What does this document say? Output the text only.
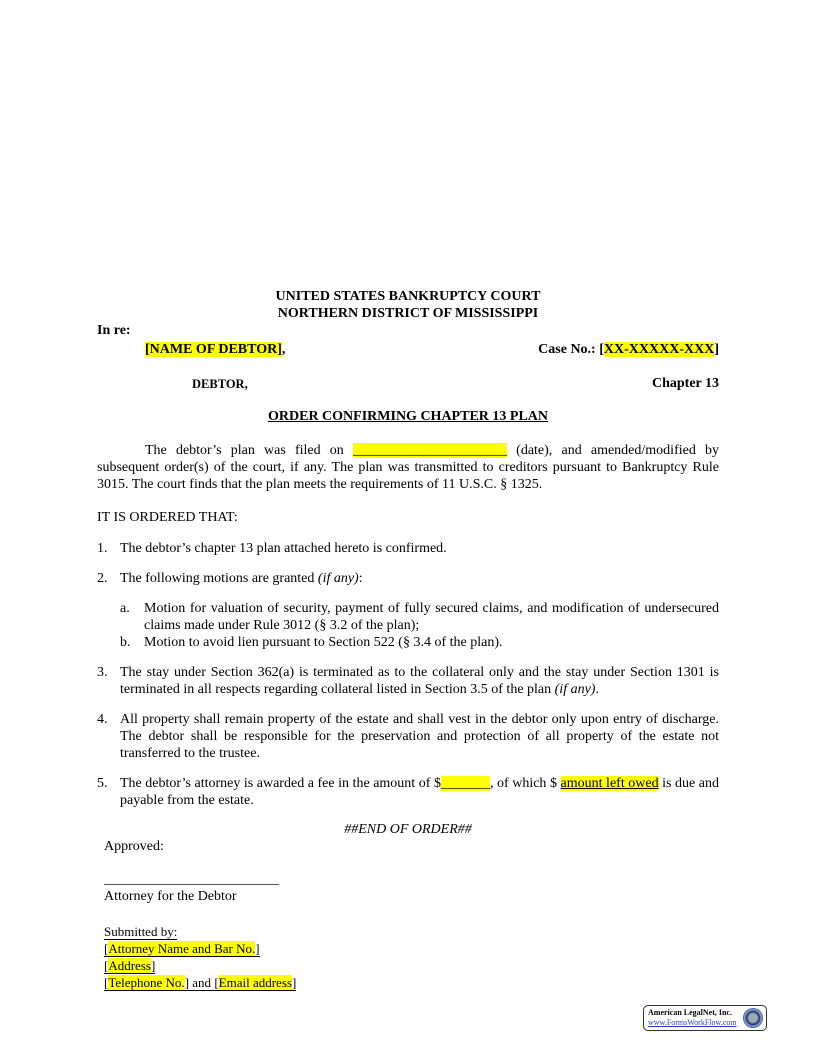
UNITED STATES BANKRUPTCY COURT
NORTHERN DISTRICT OF MISSISSIPPI
In re:
[NAME OF DEBTOR],	Case No.: [XX-XXXXX-XXX]
DEBTOR,	Chapter 13
ORDER CONFIRMING CHAPTER 13 PLAN
The debtor’s plan was filed on ______________________ (date), and amended/modified by subsequent order(s) of the court, if any. The plan was transmitted to creditors pursuant to Bankruptcy Rule 3015. The court finds that the plan meets the requirements of 11 U.S.C. § 1325.
IT IS ORDERED THAT:
1. The debtor’s chapter 13 plan attached hereto is confirmed.
2. The following motions are granted (if any):
a. Motion for valuation of security, payment of fully secured claims, and modification of undersecured claims made under Rule 3012 (§ 3.2 of the plan);
b. Motion to avoid lien pursuant to Section 522 (§ 3.4 of the plan).
3. The stay under Section 362(a) is terminated as to the collateral only and the stay under Section 1301 is terminated in all respects regarding collateral listed in Section 3.5 of the plan (if any).
4. All property shall remain property of the estate and shall vest in the debtor only upon entry of discharge. The debtor shall be responsible for the preservation and protection of all property of the estate not transferred to the trustee.
5. The debtor’s attorney is awarded a fee in the amount of $_______, of which $ amount left owed is due and payable from the estate.
##END OF ORDER##
Approved:
_________________________
Attorney for the Debtor
Submitted by:
[Attorney Name and Bar No.]
[Address]
[Telephone No.] and [Email address]
American LegalNet, Inc.
www.FormsWorkFlow.com
